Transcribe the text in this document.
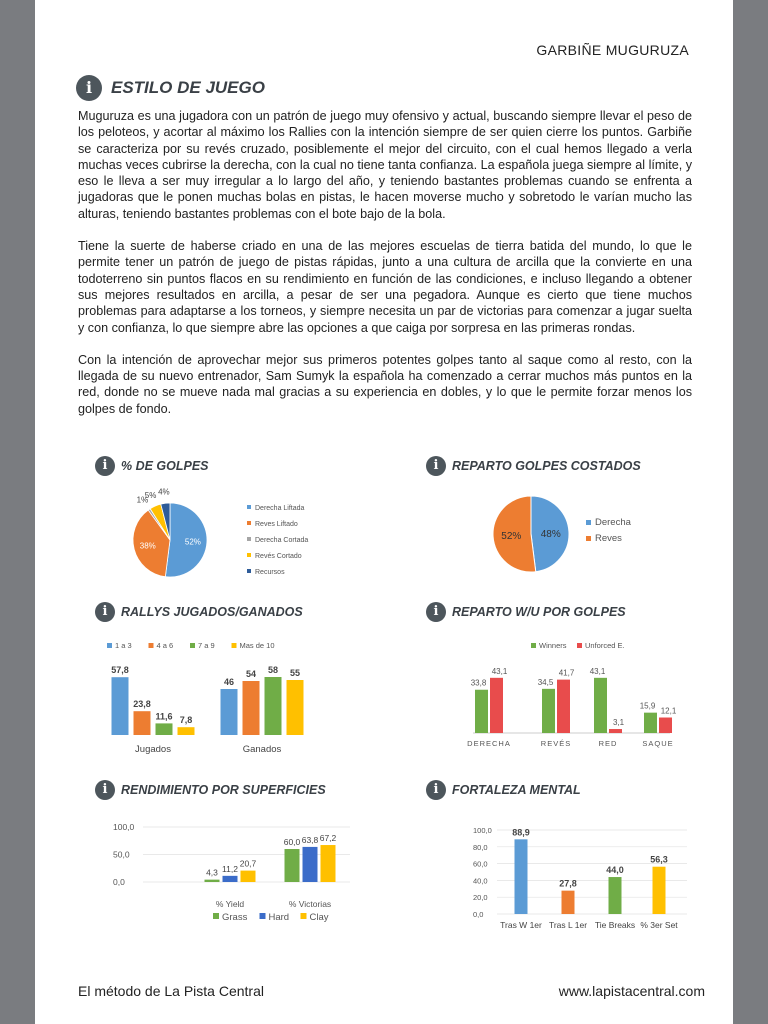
GARBIÑE MUGURUZA
i	ESTILO DE JUEGO

Muguruza es una jugadora con un patrón de juego muy ofensivo y actual, buscando siempre llevar el peso de los peloteos, y acortar al máximo los Rallies con la intención siempre de ser quien cierre los puntos. Garbiñe se caracteriza por su revés cruzado, posiblemente el mejor del circuito, con el cual hemos llegado a verla muchas veces cubrirse la derecha, con la cual no tiene tanta confianza. La española juega siempre al límite, y eso le lleva a ser muy irregular a lo largo del año, y teniendo bastantes problemas cuando se enfrenta a jugadoras que le ponen muchas bolas en pistas, le hacen moverse mucho y sobretodo le varían mucho las alturas, teniendo bastantes problemas con el bote bajo de la bola.

Tiene la suerte de haberse criado en una de las mejores escuelas de tierra batida del mundo, lo que le permite tener un patrón de juego de pistas rápidas, junto a una cultura de arcilla que la convierte en una todoterreno sin puntos flacos en su rendimiento en función de las condiciones, e incluso llegando a obtener sus mejores resultados en arcilla, a pesar de ser una pegadora. Aunque es cierto que tiene muchos problemas para adaptarse a los torneos, y siempre necesita un par de victorias para comenzar a jugar suelta y con confianza, lo que siempre abre las opciones a que caiga por sorpresa en las primeras rondas.

Con la intención de aprovechar mejor sus primeros potentes golpes tanto al saque como al resto, con la llegada de su nuevo entrenador, Sam Sumyk la española ha comenzado a cerrar muchos más puntos en la red, donde no se mueve nada mal gracias a su experiencia en dobles, y lo que le permite forzar menos los golpes de fondo.

i	% DE GOLPES	i	REPARTO GOLPES COSTADOS
i	RALLYS JUGADOS/GANADOS	i	REPARTO W/U POR GOLPES
i	RENDIMIENTO POR SUPERFICIES	i	FORTALEZA MENTAL
52%
38%
1%
5% 4%
Derecha Liftada
Reves Liftado
Derecha Cortada
Revés Cortado
Recursos
48%
52%
Derecha
Reves
1 a 3	4 a 6	7 a 9	Mas de 10
57,8
23,8
11,6 7,8
Jugados
46
54 58 55
Ganados
Winners Unforced E.
33,8
43,1
DERECHA
34,5
41,7
REVÉS
43,1
3,1
RED
15,9
12,1
SAQUE
100,0
50,0
0,0
4,3 11,2
20,7
% Yield
60,0 63,8 67,2
% Victorias
Grass Hard Clay
100,0
80,0
60,0
40,0
20,0
0,0
88,9
Tras W 1er
27,8
Tras L 1er
44,0
Tie Breaks
56,3
% 3er Set
El método de La Pista Central	www.lapistacentral.com
